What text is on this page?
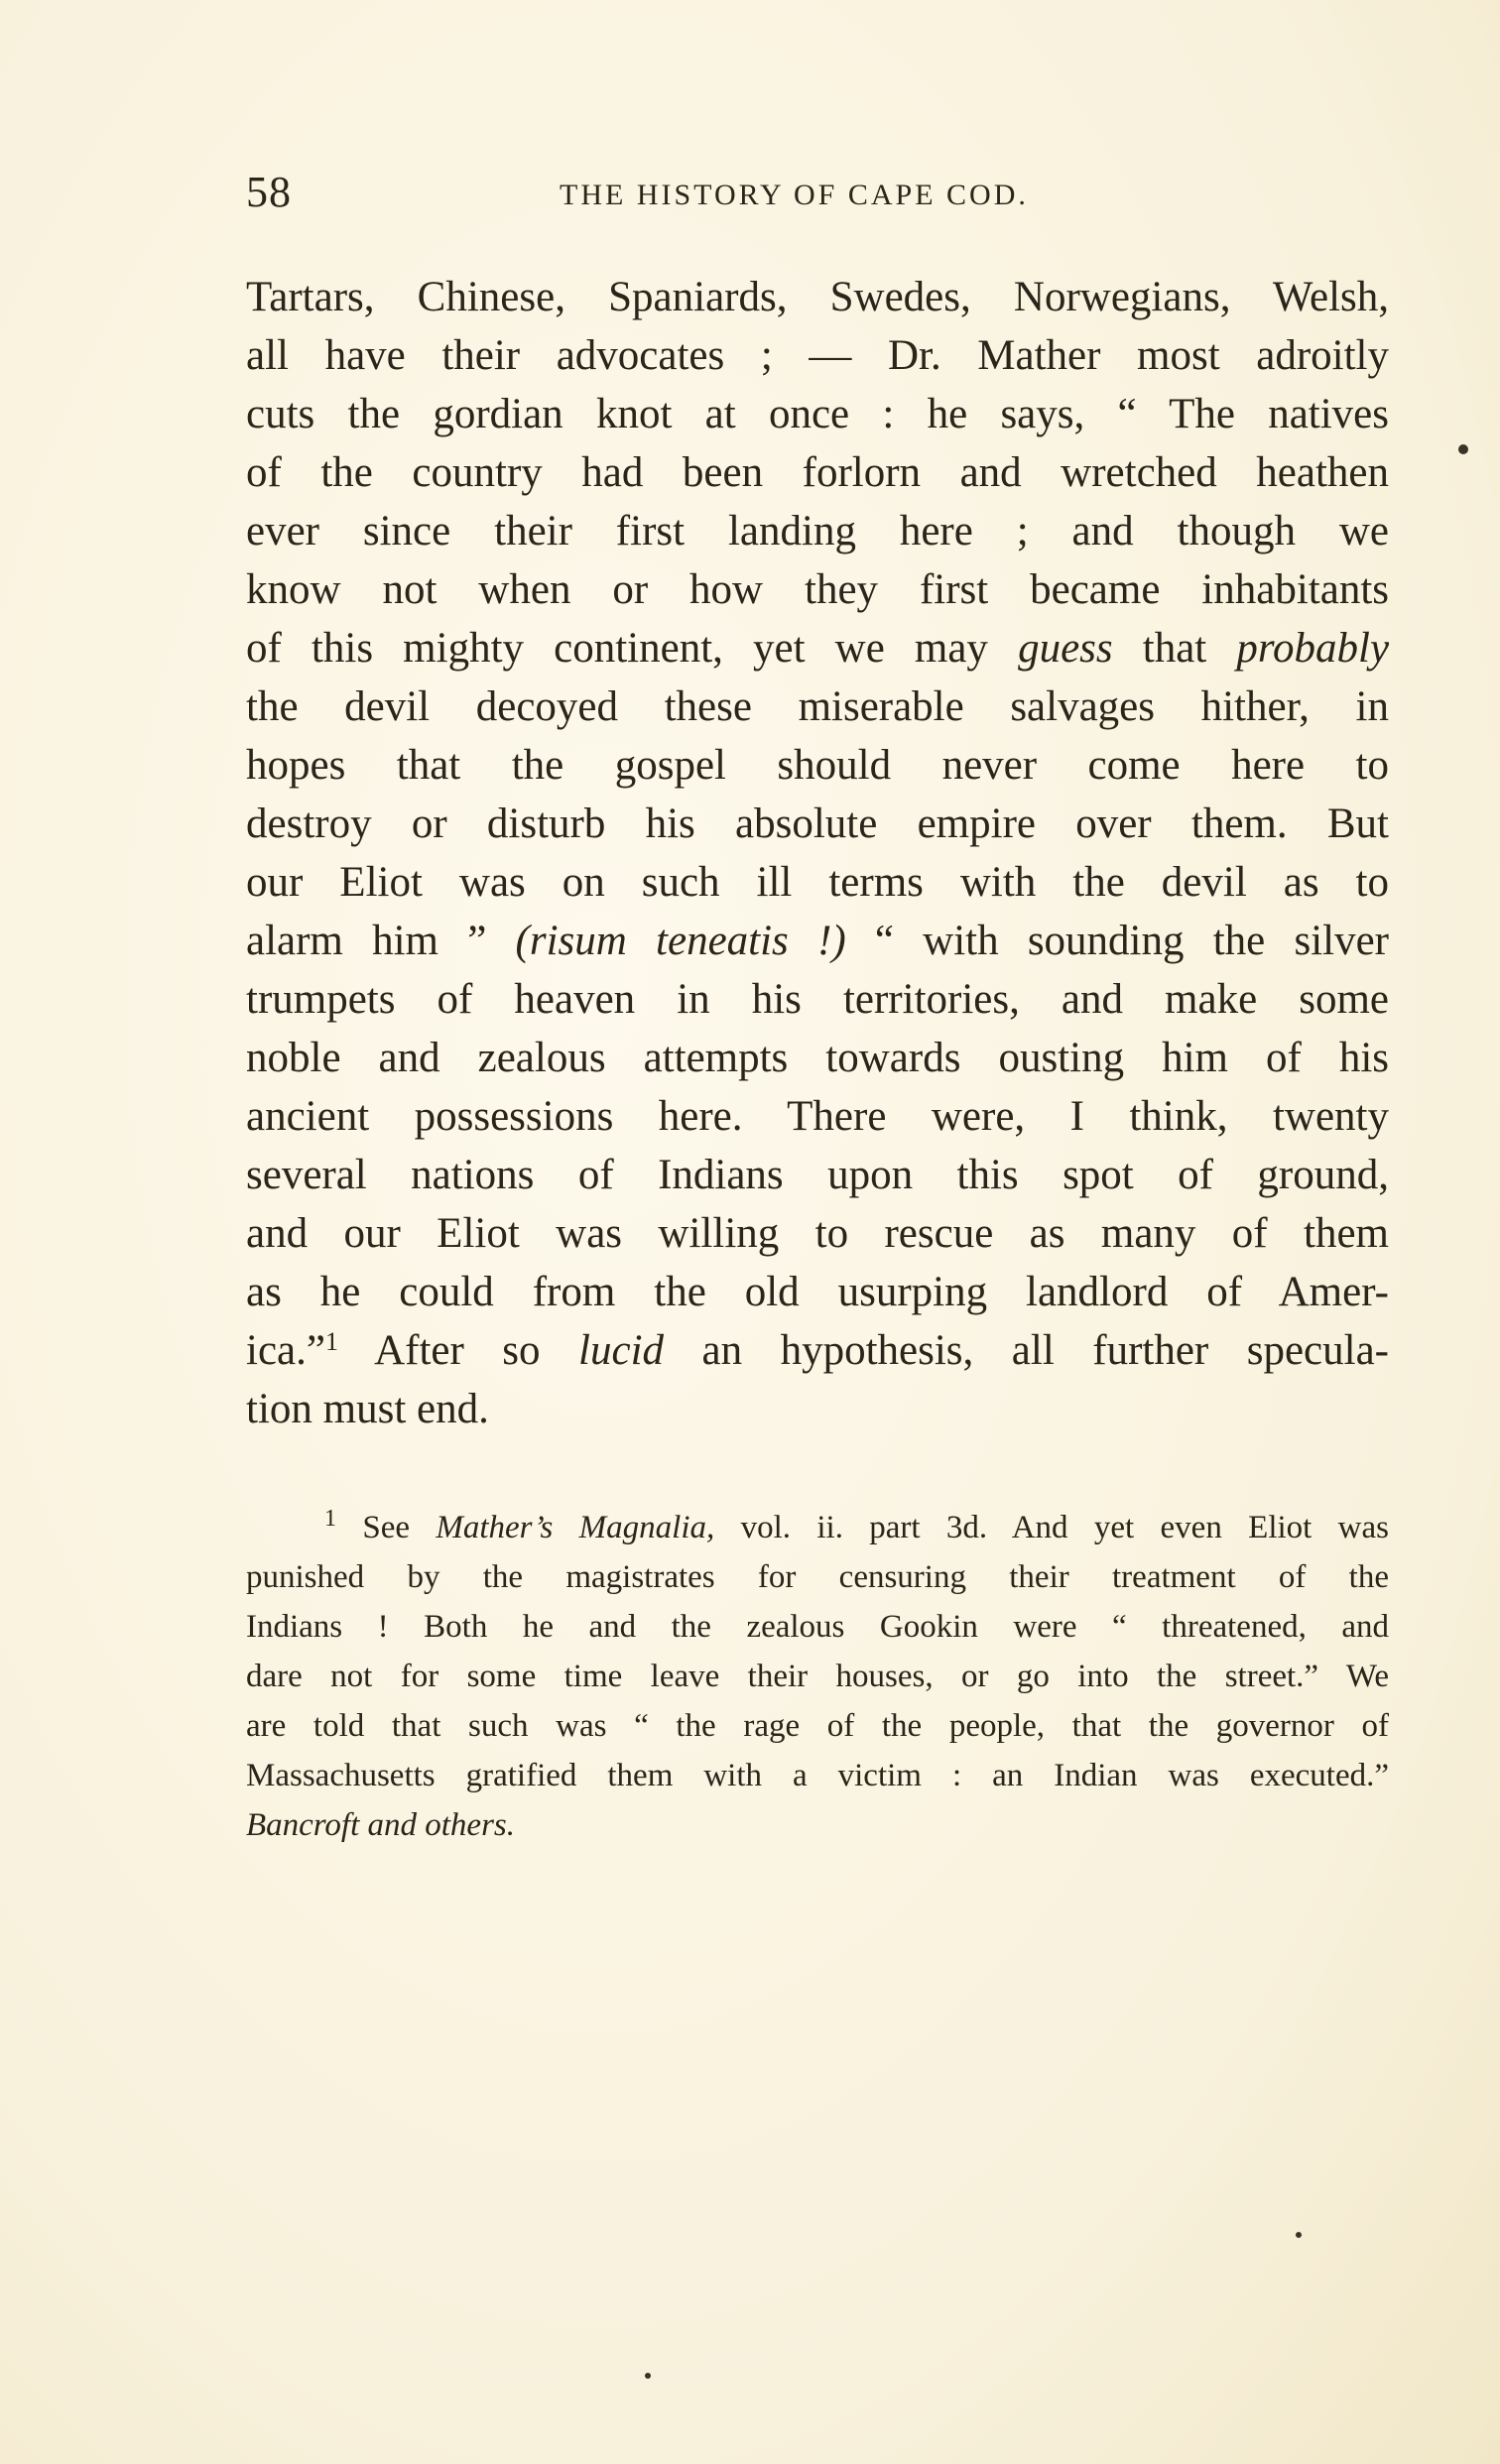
58	THE HISTORY OF CAPE COD.
Tartars, Chinese, Spaniards, Swedes, Norwegians, Welsh,
all have their advocates ; — Dr. Mather most adroitly
cuts the gordian knot at once : he says, “ The natives
of the country had been forlorn and wretched heathen
ever since their first landing here ; and though we
know not when or how they first became inhabitants
of this mighty continent, yet we may guess that probably
the devil decoyed these miserable salvages hither, in
hopes that the gospel should never come here to
destroy or disturb his absolute empire over them. But
our Eliot was on such ill terms with the devil as to
alarm him ” (risum teneatis !) “ with sounding the silver
trumpets of heaven in his territories, and make some
noble and zealous attempts towards ousting him of his
ancient possessions here. There were, I think, twenty
several nations of Indians upon this spot of ground,
and our Eliot was willing to rescue as many of them
as he could from the old usurping landlord of Amer-
ica.”$^1$ After so lucid an hypothesis, all further specula-
tion must end.
$^1$ See Mather’s Magnalia, vol. ii. part 3d. And yet even Eliot was
punished by the magistrates for censuring their treatment of the
Indians ! Both he and the zealous Gookin were “ threatened, and
dare not for some time leave their houses, or go into the street.” We
are told that such was “ the rage of the people, that the governor of
Massachusetts gratified them with a victim : an Indian was executed.”
Bancroft and others.
